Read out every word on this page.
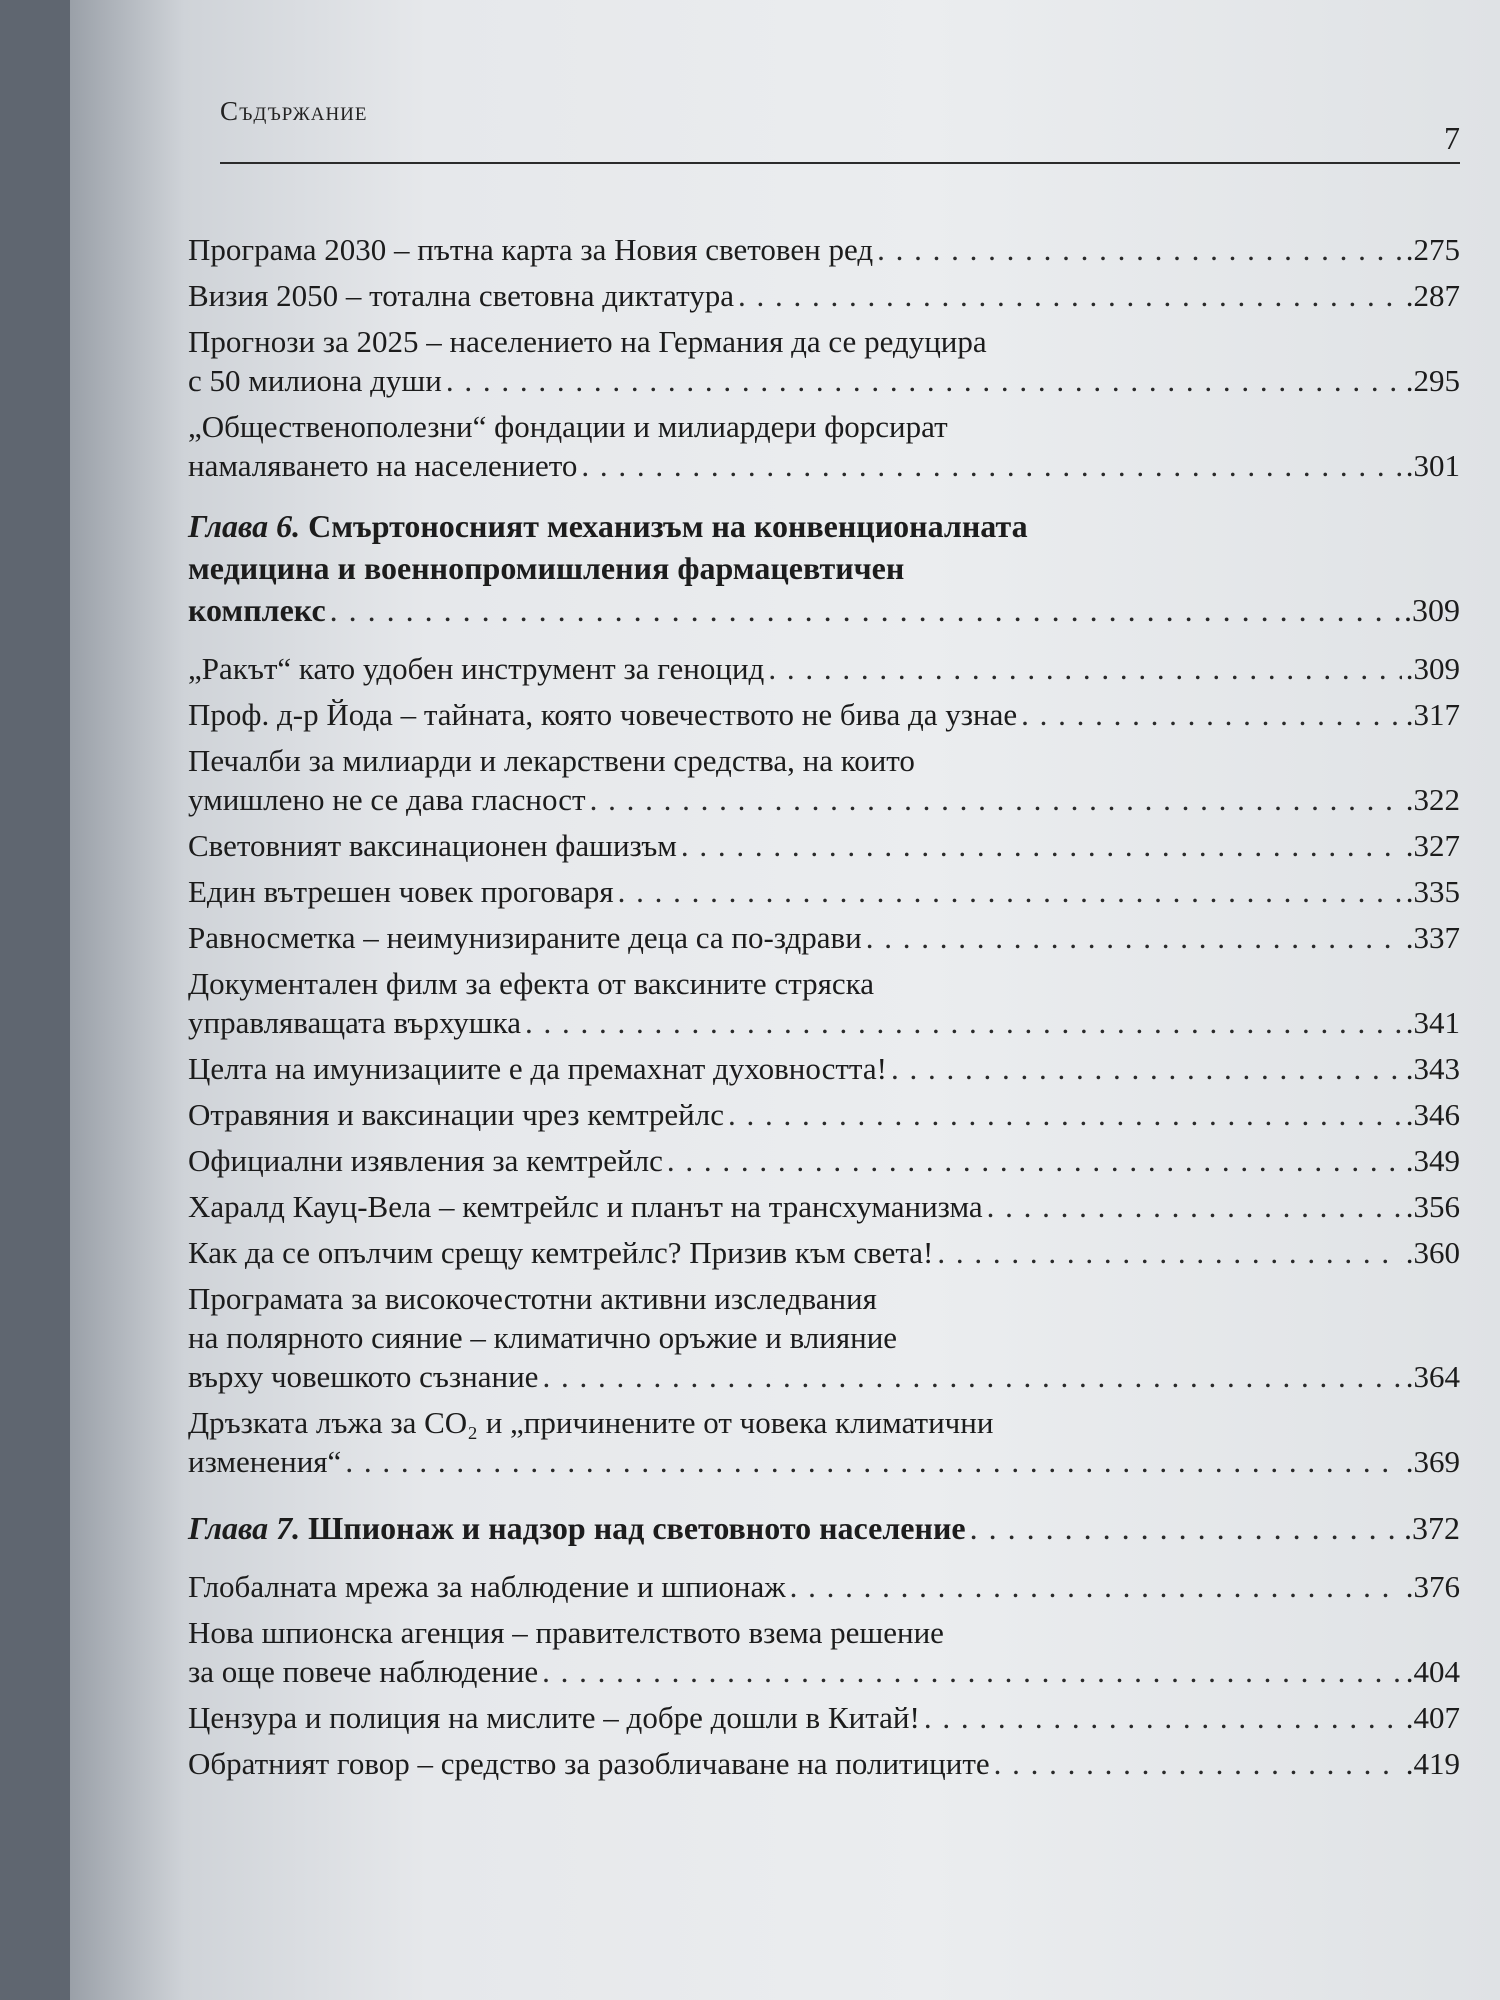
Съдържание
7
Програма 2030 – пътна карта за Новия световен ред . . .	.275
Визия 2050 – тотална световна диктатура . . .	.287
Прогнози за 2025 – населението на Германия да се редуцира
с 50 милиона души . . .	.295
„Общественополезни“ фондации и милиардери форсират
намаляването на населението . . .	.301
Глава 6. Смъртоносният механизъм на конвенционалната
медицина и военнопромишления фармацевтичен
комплекс . . .	.309
„Ракът“ като удобен инструмент за геноцид . . .	.309
Проф. д-р Йода – тайната, която човечеството не бива да узнае . . .	.317
Печалби за милиарди и лекарствени средства, на които
умишлено не се дава гласност . . .	.322
Световният ваксинационен фашизъм . . .	.327
Един вътрешен човек проговаря . . .	.335
Равносметка – неимунизираните деца са по-здрави . . .	.337
Документален филм за ефекта от ваксините стряска
управляващата върхушка . . .	.341
Целта на имунизациите е да премахнат духовността! . . .	.343
Отравяния и ваксинации чрез кемтрейлс . . .	.346
Официални изявления за кемтрейлс . . .	.349
Харалд Кауц-Вела – кемтрейлс и планът на трансхуманизма . . .	.356
Как да се опълчим срещу кемтрейлс? Призив към света! . . .	.360
Програмата за високочестотни активни изследвания
на полярното сияние – климатично оръжие и влияние
върху човешкото съзнание . . .	.364
Дръзката лъжа за CO₂ и „причинените от човека климатични
изменения“ . . .	.369
Глава 7. Шпионаж и надзор над световното население . . .	.372
Глобалната мрежа за наблюдение и шпионаж . . .	.376
Нова шпионска агенция – правителството взема решение
за още повече наблюдение . . .	.404
Цензура и полиция на мислите – добре дошли в Китай! . . .	.407
Обратният говор – средство за разобличаване на политиците . . .	.419
